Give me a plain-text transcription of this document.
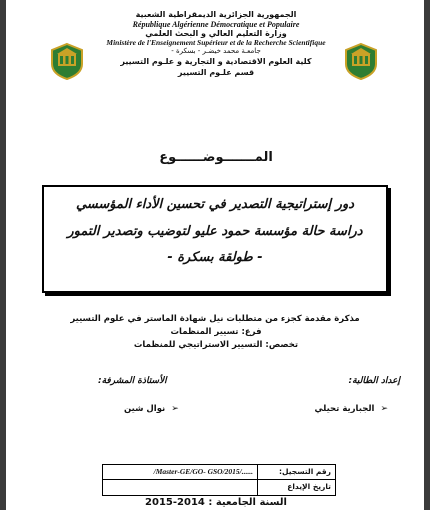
الجمهورية الجزائرية الديمقراطية الشعبية
République Algérienne Démocratique et Populaire
وزارة التعليم العالي و البحث العلمي
Ministère de l'Enseignement Supérieur et de la Recherche Scientifique
جامعـة محمد خيضـر - بسكرة -
كلية العلوم الاقتصادية و التجارية و علـوم التسيير
قسم علـوم التسيير
المـــــــوضــــــوع
دور إستراتيجية التصدير في تحسين الأداء المؤسسي
دراسة حالة مؤسسة حمود عليو لتوضيب وتصدير التمور
- طولقة بسكرة -
مذكرة مقدمة كجزء من متطلبات نيل شهادة الماستر في علوم التسيير
فرع: تسيير المنظمات
تخصص: التسيير الاستراتيجي للمنظمات
إعداد الطالبة:
➢الجبارية تحيلي
الأستاذة المشرفة:
➢نوال شين
/Master-GE/GO- GSO/2015/......	رقم التسجيل:
تاريخ الإيداع
السنة الجامعية : 2014-2015
